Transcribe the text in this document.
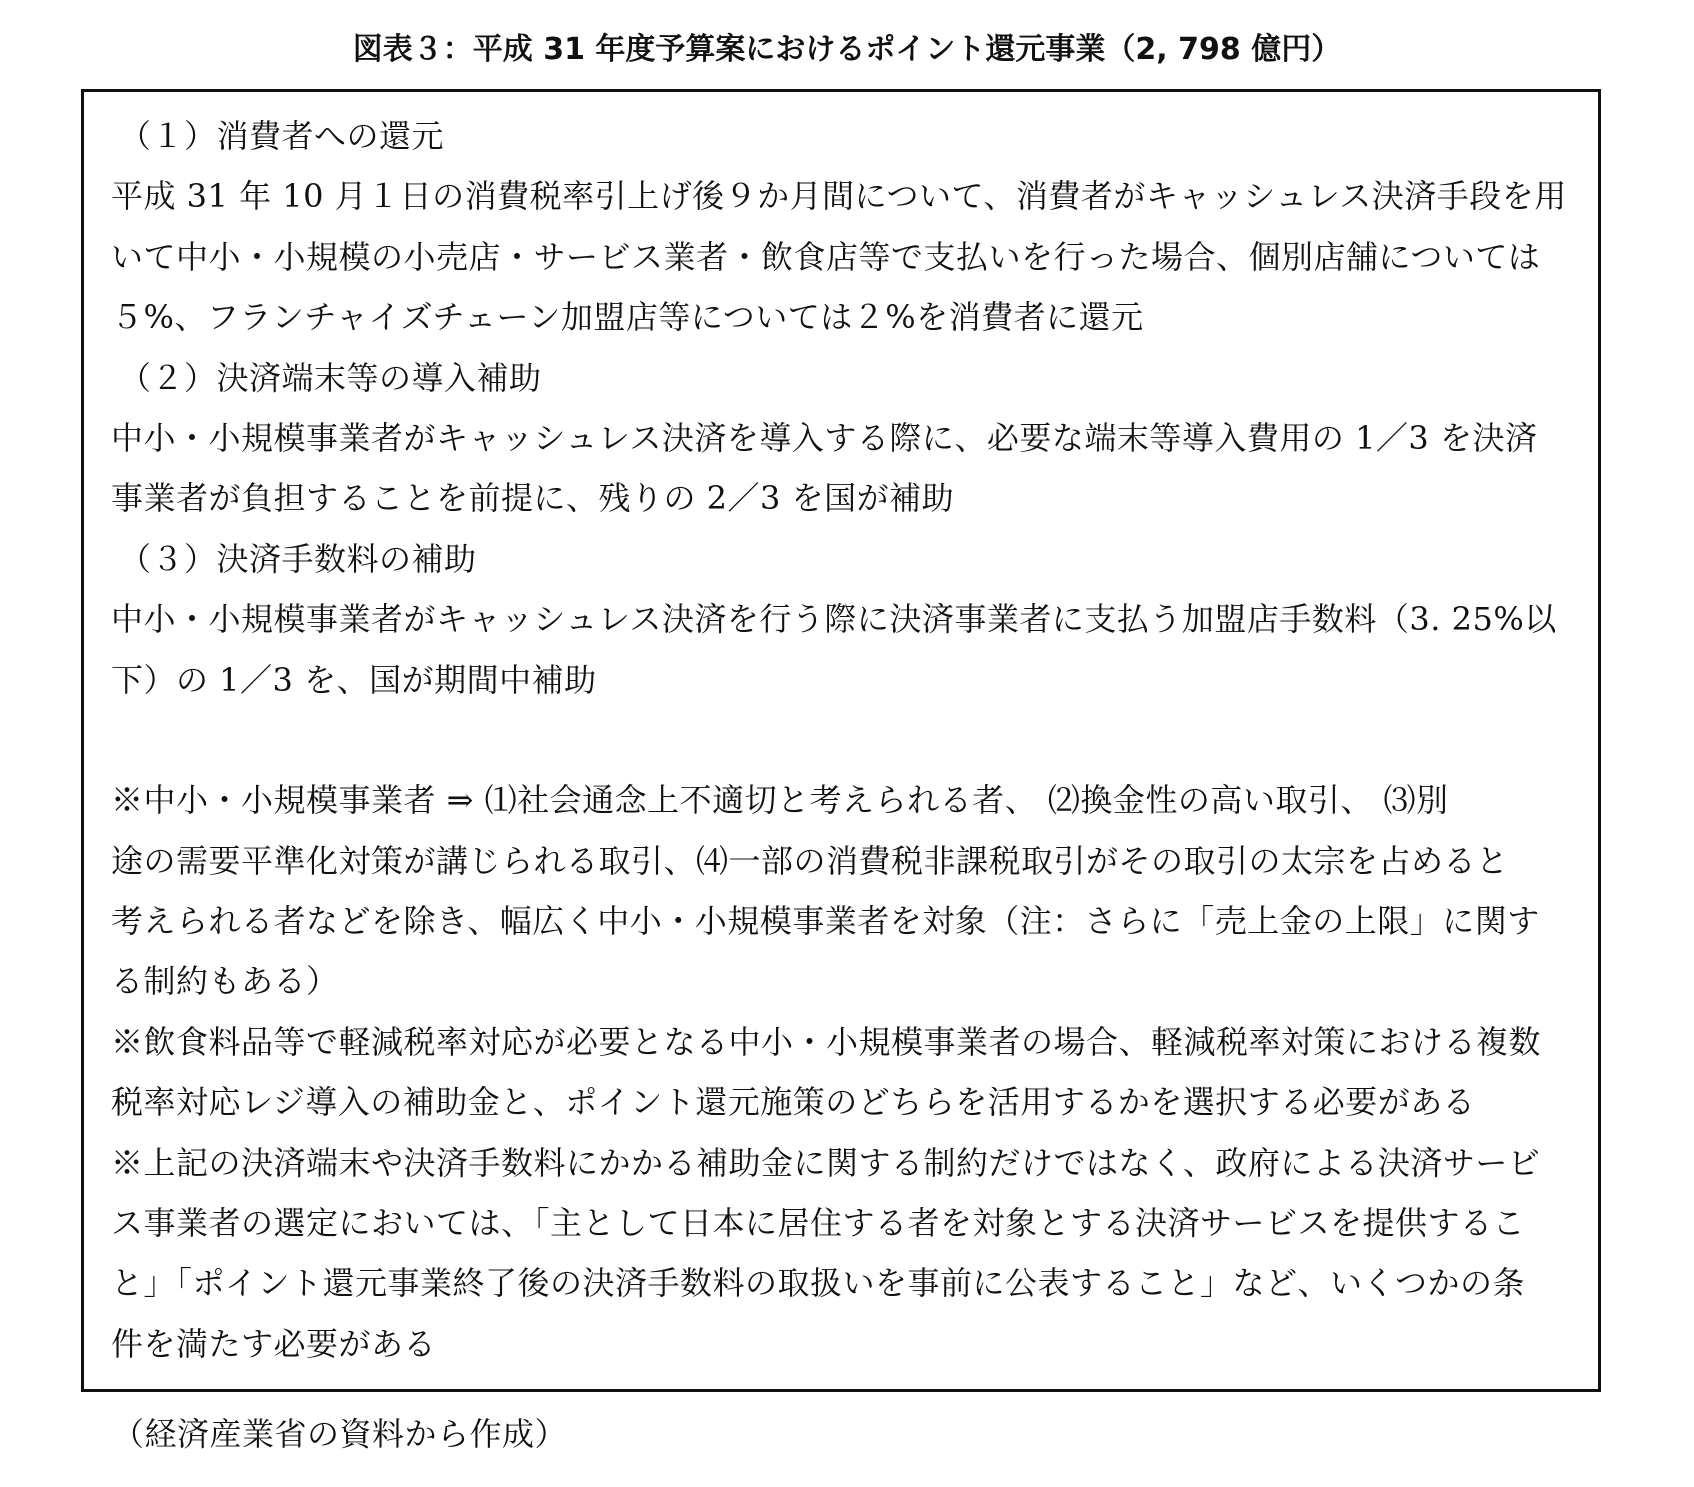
図表３：平成 31 年度予算案におけるポイント還元事業（2, 798 億円）
（１）消費者への還元
平成 31 年 10 月１日の消費税率引上げ後９か月間について、消費者がキャッシュレス決済手段を用
いて中小・小規模の小売店・サービス業者・飲食店等で支払いを行った場合、個別店舗については
５%、フランチャイズチェーン加盟店等については２%を消費者に還元
（２）決済端末等の導入補助
中小・小規模事業者がキャッシュレス決済を導入する際に、必要な端末等導入費用の 1／3 を決済
事業者が負担することを前提に、残りの 2／3 を国が補助
（３）決済手数料の補助
中小・小規模事業者がキャッシュレス決済を行う際に決済事業者に支払う加盟店手数料（3. 25%以
下）の 1／3 を、国が期間中補助
※中小・小規模事業者 ⇒ ⑴社会通念上不適切と考えられる者、 ⑵換金性の高い取引、 ⑶別
途の需要平準化対策が講じられる取引、⑷一部の消費税非課税取引がその取引の太宗を占めると
考えられる者などを除き、幅広く中小・小規模事業者を対象（注：さらに「売上金の上限」に関す
る制約もある）
※飲食料品等で軽減税率対応が必要となる中小・小規模事業者の場合、軽減税率対策における複数
税率対応レジ導入の補助金と、ポイント還元施策のどちらを活用するかを選択する必要がある
※上記の決済端末や決済手数料にかかる補助金に関する制約だけではなく、政府による決済サービ
ス事業者の選定においては、「主として日本に居住する者を対象とする決済サービスを提供するこ
と」「ポイント還元事業終了後の決済手数料の取扱いを事前に公表すること」など、いくつかの条
件を満たす必要がある
（経済産業省の資料から作成）
